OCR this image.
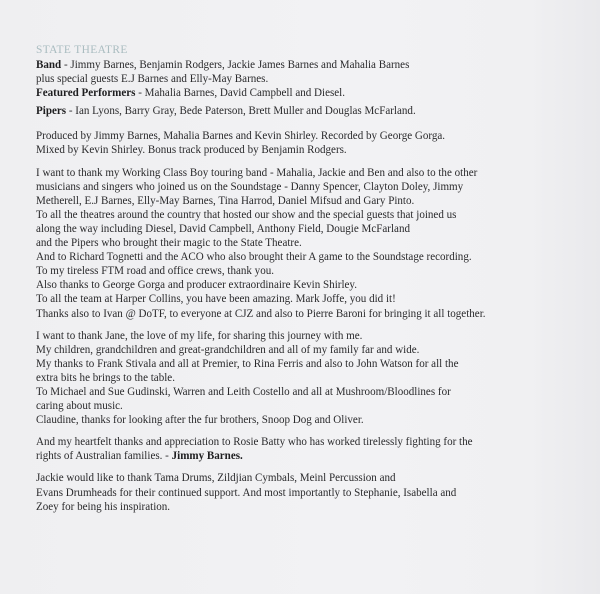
STATE THEATRE

Band - Jimmy Barnes, Benjamin Rodgers, Jackie James Barnes and Mahalia Barnes

plus special guests E.J Barnes and Elly-May Barnes.

Featured Performers - Mahalia Barnes, David Campbell and Diesel.

Pipers - Ian Lyons, Barry Gray, Bede Paterson, Brett Muller and Douglas McFarland.

Produced by Jimmy Barnes, Mahalia Barnes and Kevin Shirley. Recorded by George Gorga.

Mixed by Kevin Shirley. Bonus track produced by Benjamin Rodgers.

I want to thank my Working Class Boy touring band - Mahalia, Jackie and Ben and also to the other

musicians and singers who joined us on the Soundstage - Danny Spencer, Clayton Doley, Jimmy

Metherell, E.J Barnes, Elly-May Barnes, Tina Harrod, Daniel Mifsud and Gary Pinto.

To all the theatres around the country that hosted our show and the special guests that joined us

along the way including Diesel, David Campbell, Anthony Field, Dougie McFarland

and the Pipers who brought their magic to the State Theatre.

And to Richard Tognetti and the ACO who also brought their A game to the Soundstage recording.

To my tireless FTM road and office crews, thank you.

Also thanks to George Gorga and producer extraordinaire Kevin Shirley.

To all the team at Harper Collins, you have been amazing. Mark Joffe, you did it!

Thanks also to Ivan @ DoTF, to everyone at CJZ and also to Pierre Baroni for bringing it all together.

I want to thank Jane, the love of my life, for sharing this journey with me.

My children, grandchildren and great-grandchildren and all of my family far and wide.

My thanks to Frank Stivala and all at Premier, to Rina Ferris and also to John Watson for all the

extra bits he brings to the table.

To Michael and Sue Gudinski, Warren and Leith Costello and all at Mushroom/Bloodlines for

caring about music.

Claudine, thanks for looking after the fur brothers, Snoop Dog and Oliver.

And my heartfelt thanks and appreciation to Rosie Batty who has worked tirelessly fighting for the

rights of Australian families. - Jimmy Barnes.

Jackie would like to thank Tama Drums, Zildjian Cymbals, Meinl Percussion and

Evans Drumheads for their continued support. And most importantly to Stephanie, Isabella and

Zoey for being his inspiration.
